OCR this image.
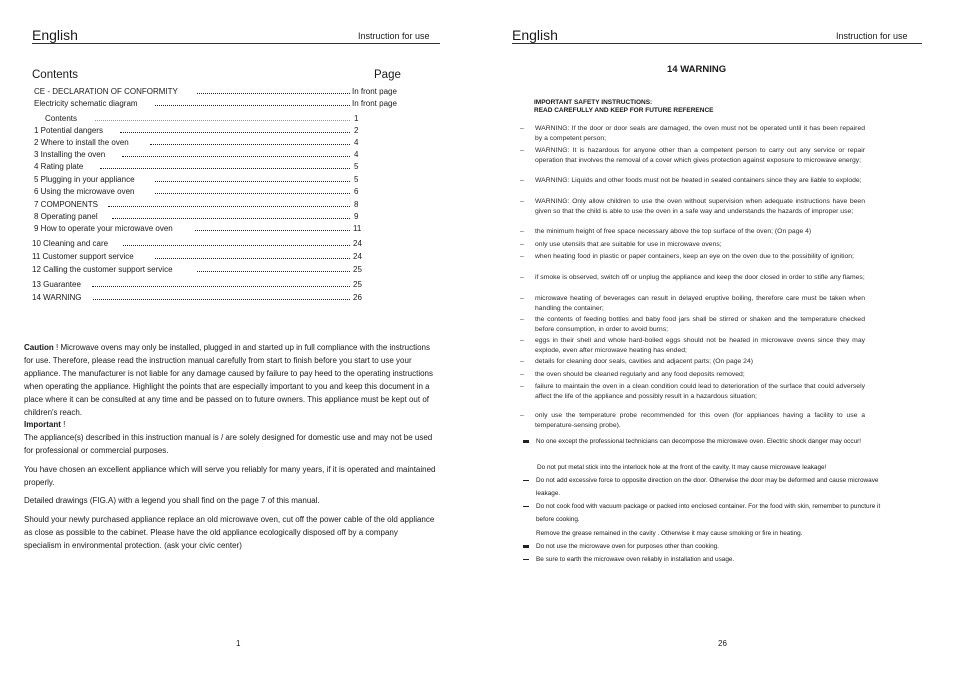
English	Instruction for use
Contents	Page
CE - DECLARATION OF CONFORMITY	In front page
Electricity schematic diagram	In front page
Contents	1
1 Potential dangers	2
2 Where to install the oven	4
3 Installing the oven	4
4 Rating plate	5
5 Plugging in your appliance	5
6 Using the microwave oven	6
7 COMPONENTS	8
8 Operating panel	9
9 How to operate your microwave oven	11
10 Cleaning and care	24
11 Customer support service	24
12 Calling the customer support service	25
13 Guarantee	25
14 WARNING	26
Caution ! Microwave ovens may only be installed, plugged in and started up in full compliance with the instructions for use. Therefore, please read the instruction manual carefully from start to finish before you start to use your appliance. The manufacturer is not liable for any damage caused by failure to pay heed to the operating instructions when operating the appliance. Highlight the points that are especially important to you and keep this document in a place where it can be consulted at any time and be passed on to future owners. This appliance must be kept out of children's reach.
Important !
The appliance(s) described in this instruction manual is / are solely designed for domestic use and may not be used for professional or commercial purposes.
You have chosen an excellent appliance which will serve you reliably for many years, if it is operated and maintained properly.
Detailed drawings (FIG.A) with a legend you shall find on the page 7 of this manual.
Should your newly purchased appliance replace an old microwave oven, cut off the power cable of the old appliance as close as possible to the cabinet. Please have the old appliance ecologically disposed off by a company specialism in environmental protection. (ask your civic center)
1
English	Instruction for use
14 WARNING
IMPORTANT SAFETY INSTRUCTIONS:
READ CAREFULLY AND KEEP FOR FUTURE REFERENCE
–	WARNING: If the door or door seals are damaged, the oven must not be operated until it has been repaired by a competent person;
–	WARNING: It is hazardous for anyone other than a competent person to carry out any service or repair operation that involves the removal of a cover which gives protection against exposure to microwave energy;
–	WARNING: Liquids and other foods must not be heated in sealed containers since they are liable to explode;
–	WARNING: Only allow children to use the oven without supervision when adequate instructions have been given so that the child is able to use the oven in a safe way and understands the hazards of improper use;
–	the minimum height of free space necessary above the top surface of the oven; (On page 4)
–	only use utensils that are suitable for use in microwave ovens;
–	when heating food in plastic or paper containers, keep an eye on the oven due to the possibility of ignition;
–	if smoke is observed, switch off or unplug the appliance and keep the door closed in order to stifle any flames;
–	microwave heating of beverages can result in delayed eruptive boiling, therefore care must be taken when handling the container;
–	the contents of feeding bottles and baby food jars shall be stirred or shaken and the temperature checked before consumption, in order to avoid burns;
–	eggs in their shell and whole hard-boiled eggs should not be heated in microwave ovens since they may explode, even after microwave heating has ended;
–	details for cleaning door seals, cavities and adjacent parts; (On page 24)
–	the oven should be cleaned regularly and any food deposits removed;
–	failure to maintain the oven in a clean condition could lead to deterioration of the surface that could adversely affect the life of the appliance and possibly result in a hazardous situation;
–	only use the temperature probe recommended for this oven (for appliances having a facility to use a temperature-sensing probe).
No one except the professional technicians can decompose the microwave oven. Electric shock danger may occur!
Do not put metal stick into the interlock hole at the front of the cavity. It may cause microwave leakage!
Do not add excessive force to opposite direction on the door. Otherwise the door may be deformed and cause microwave leakage.
Do not cook food with vacuum package or packed into enclosed container. For the food with skin, remember to puncture it before cooking.
Remove the grease remained in the cavity . Otherwise it may cause smoking or fire in heating.
Do not use the microwave oven for purposes other than cooking.
Be sure to earth the microwave oven reliably in installation and usage.
26
